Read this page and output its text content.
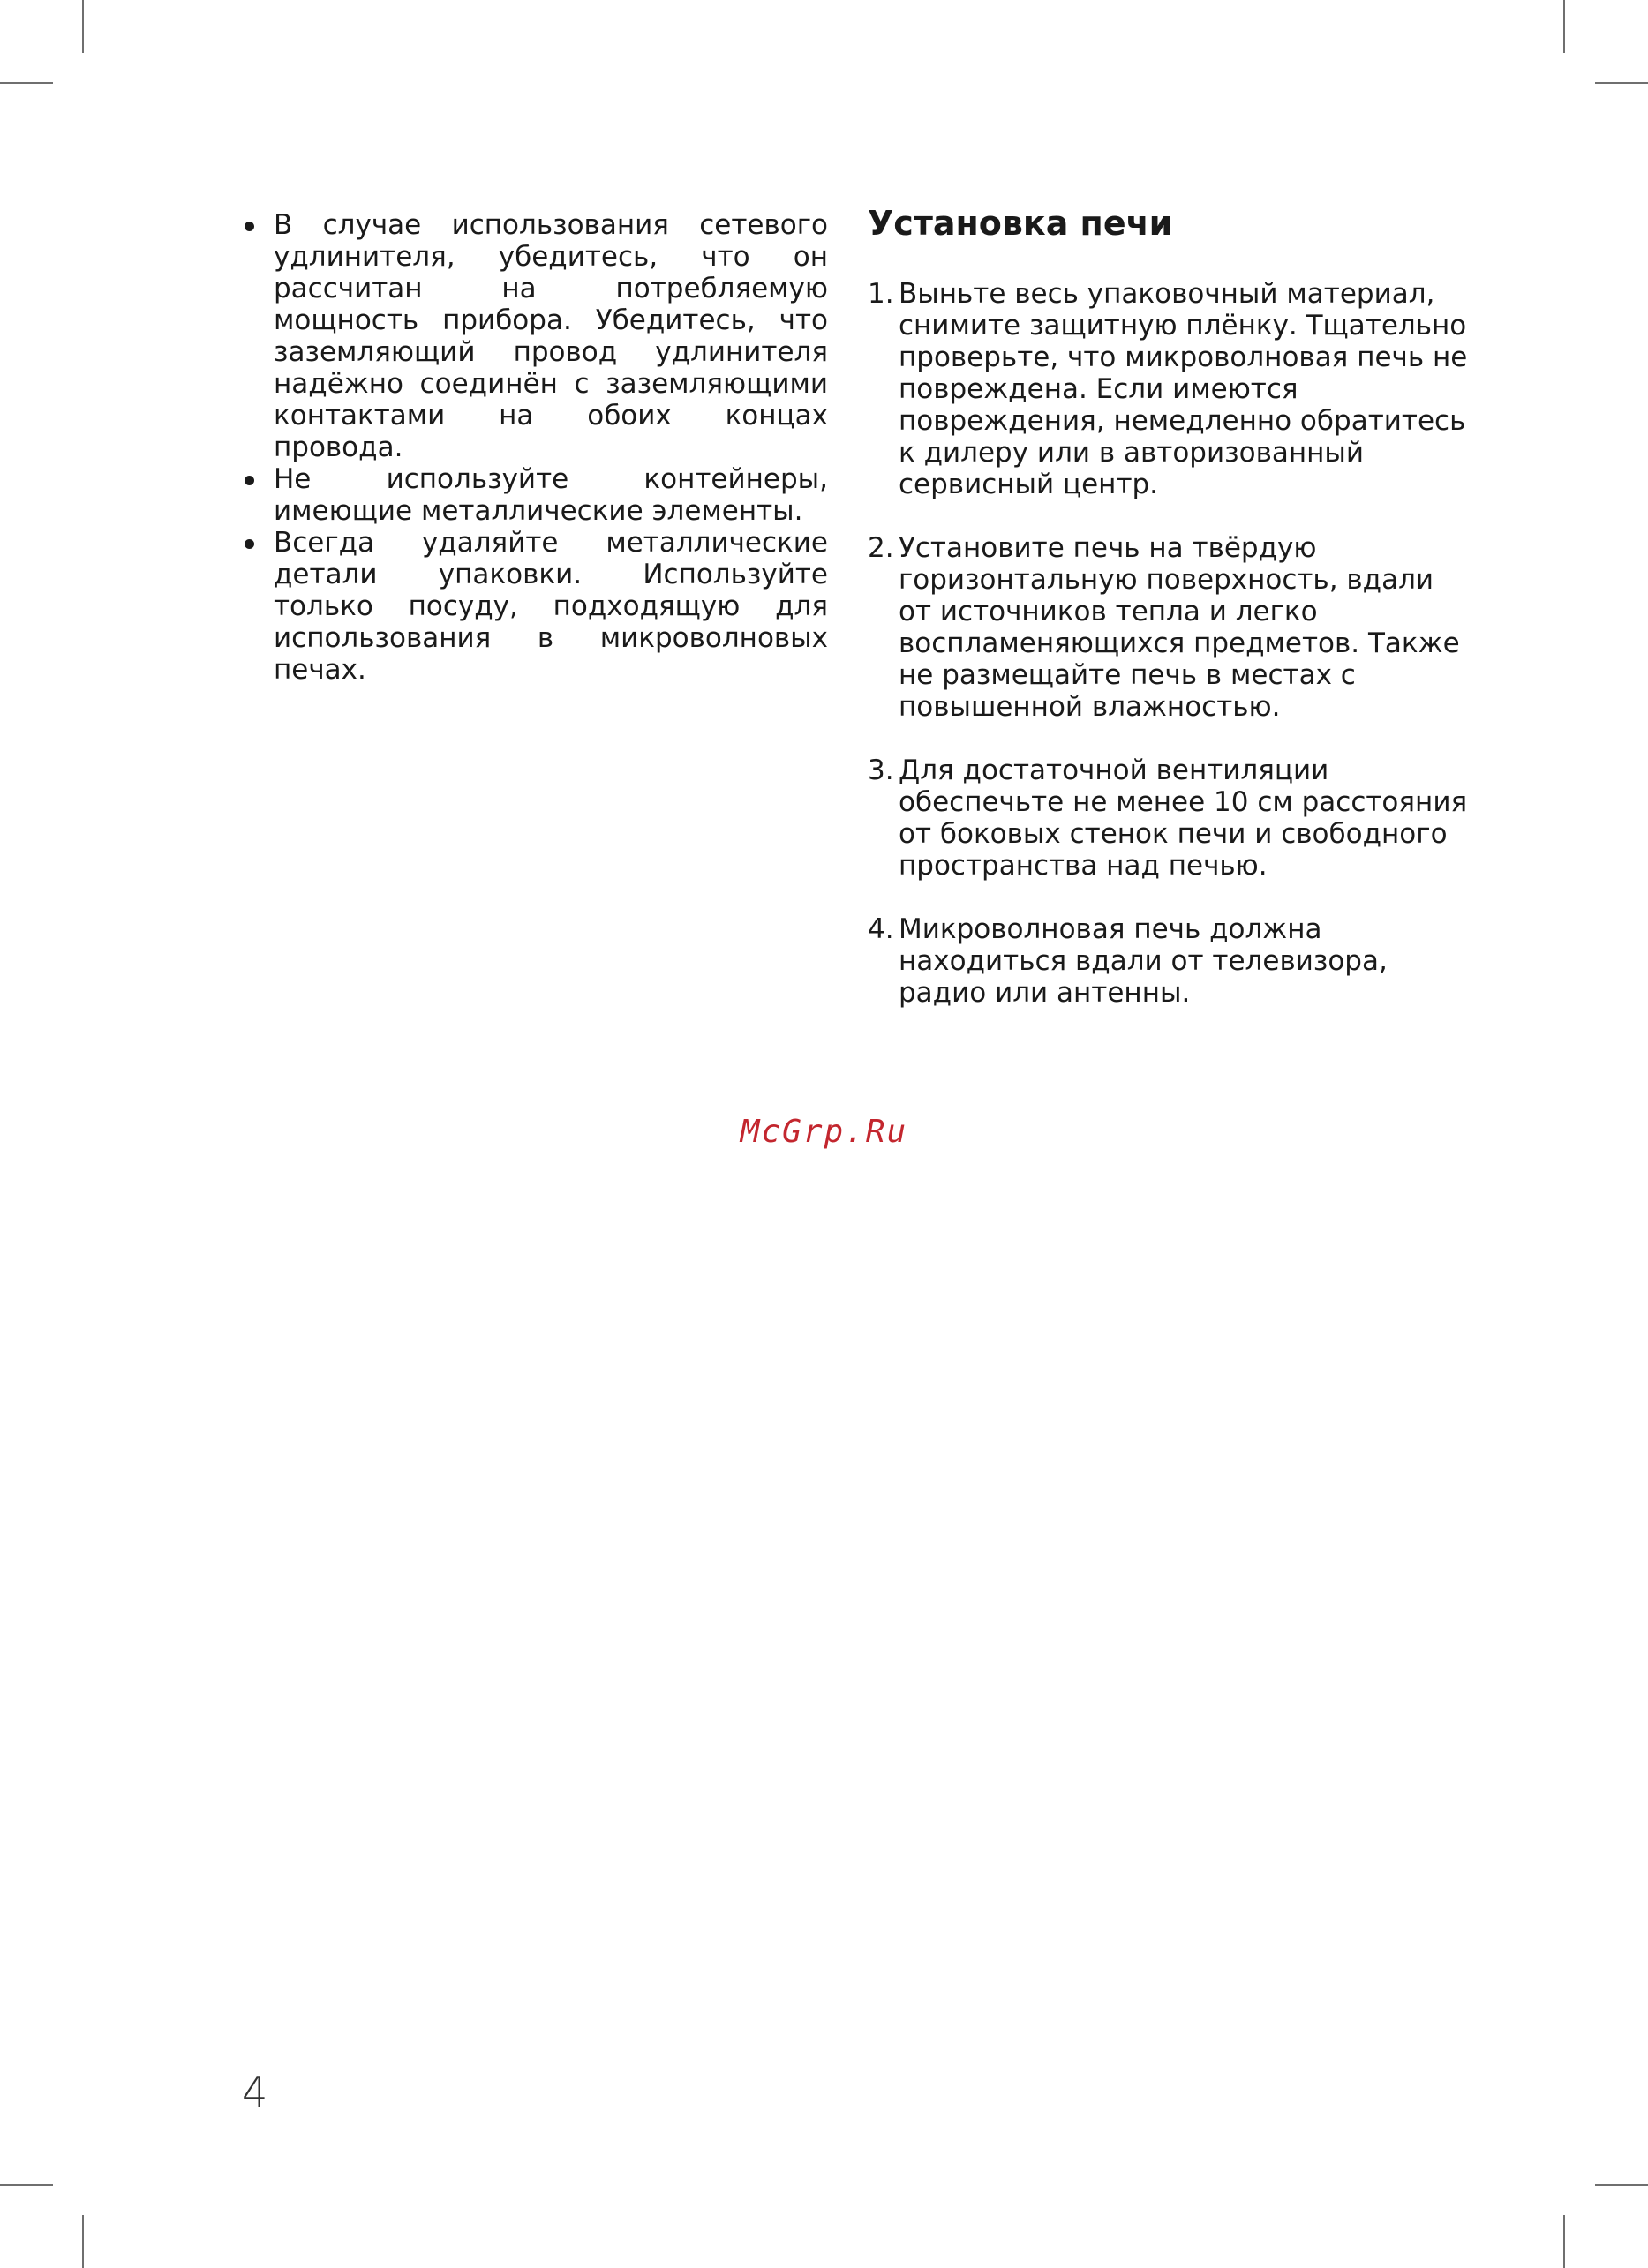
В случае использования сетевого удлинителя, убедитесь, что он рассчитан на потребляемую мощность прибора. Убедитесь, что заземляющий провод удлинителя надёжно соединён с заземляющими контактами на обоих концах провода.
Не используйте контейнеры, имеющие металлические элементы.
Всегда удаляйте металлические детали упаковки. Используйте только посуду, подходящую для использования в микроволновых печах.
Установка печи
1. Выньте весь упаковочный материал, снимите защитную плёнку. Тщательно проверьте, что микроволновая печь не повреждена. Если имеются повреждения, немедленно обратитесь к дилеру или в авторизованный сервисный центр.
2. Установите печь на твёрдую горизонтальную поверхность, вдали от источников тепла и легко воспламеняющихся предметов. Также не размещайте печь в местах с повышенной влажностью.
3. Для достаточной вентиляции обеспечьте не менее 10 см расстояния от боковых стенок печи и свободного пространства над печью.
4. Микроволновая печь должна находиться вдали от телевизора, радио или антенны.
McGrp.Ru
4
